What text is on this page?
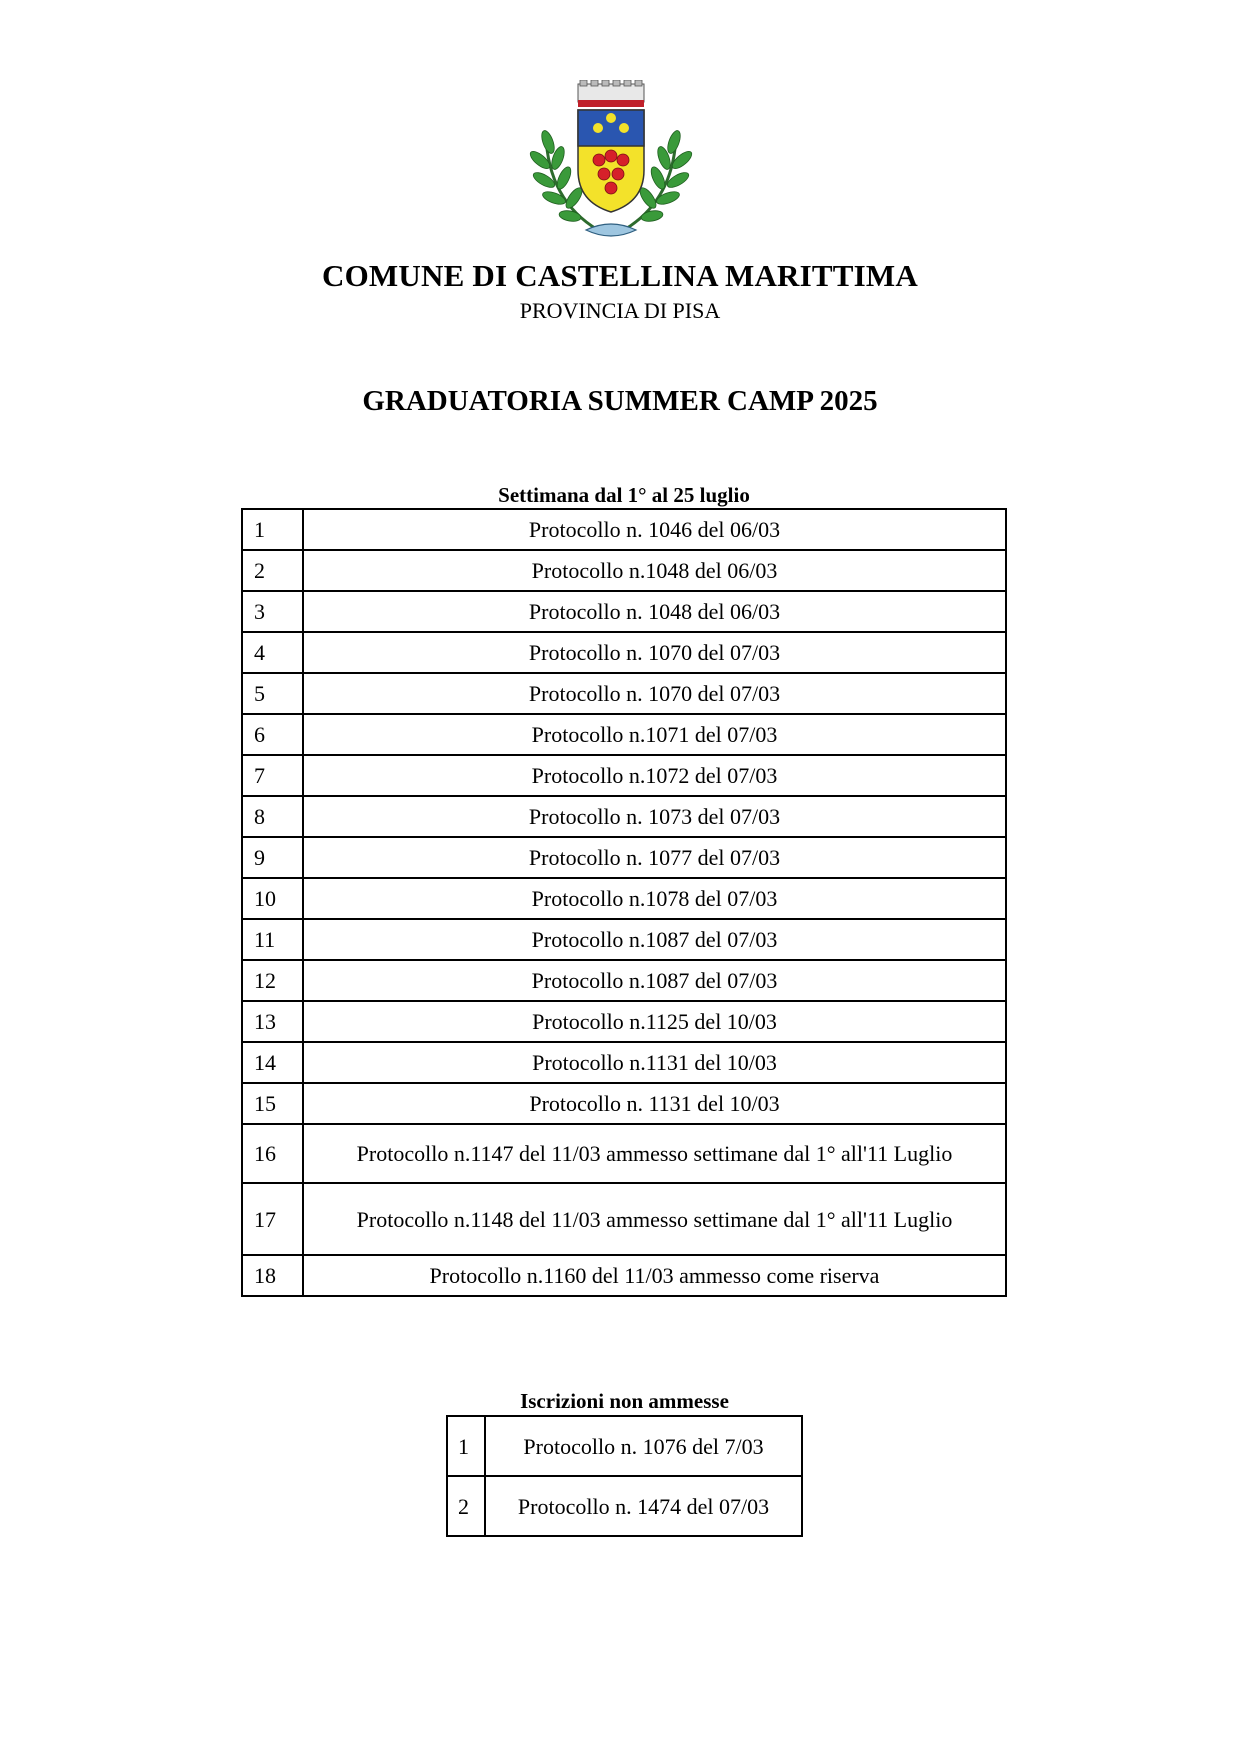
COMUNE DI CASTELLINA MARITTIMA
PROVINCIA DI PISA
GRADUATORIA SUMMER CAMP 2025
Settimana dal 1° al 25 luglio
1	Protocollo n. 1046 del 06/03
2	Protocollo n.1048 del 06/03
3	Protocollo n. 1048 del 06/03
4	Protocollo n. 1070 del 07/03
5	Protocollo n. 1070 del 07/03
6	Protocollo n.1071 del 07/03
7	Protocollo n.1072 del 07/03
8	Protocollo n. 1073 del 07/03
9	Protocollo n. 1077 del 07/03
10	Protocollo n.1078 del 07/03
11	Protocollo n.1087 del 07/03
12	Protocollo n.1087 del 07/03
13	Protocollo n.1125 del 10/03
14	Protocollo n.1131 del 10/03
15	Protocollo n. 1131 del 10/03
16	Protocollo n.1147 del 11/03 ammesso settimane dal 1° all'11 Luglio
17	Protocollo n.1148 del 11/03 ammesso settimane dal 1° all'11 Luglio
18	Protocollo n.1160 del 11/03 ammesso come riserva
Iscrizioni non ammesse
1	Protocollo n. 1076 del 7/03
2	Protocollo n. 1474 del 07/03
